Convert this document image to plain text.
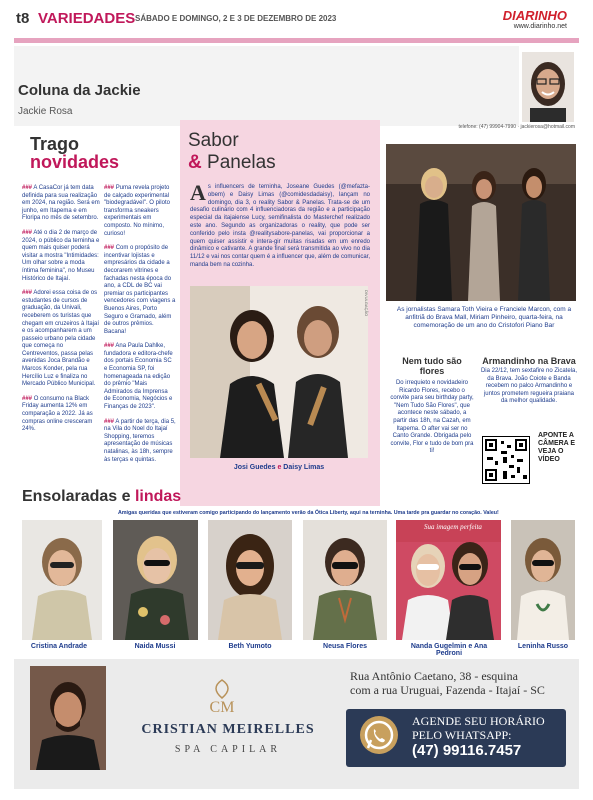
t8 VARIEDADES SÁBADO E DOMINGO, 2 E 3 DE DEZEMBRO DE 2023	DIARINHO
www.diarinho.net
Coluna da Jackie
Jackie Rosa
telefone: (47) 99904-7990 · jackierosa@hotmail.com
Trago
novidades

### A CasaCor já tem data definida para sua realização em 2024, na região. Será em junho, em Itapema e em Floripa no mês de setembro.

### Até o dia 2 de março de 2024, o público da terninha e quem mais quiser poderá visitar a mostra "Intimidades: Um olhar sobre a moda íntima feminina", no Museu Histórico de Itajaí.

### Adorei essa coisa de os estudantes de cursos de graduação, da Univali, receberem os turistas que chegam em cruzeiros à Itajaí e os acompanharem a um passeio urbano pela cidade que começa no Centreventos, passa pelas avenidas Joca Brandão e Marcos Konder, pela rua Hercílio Luz e finaliza no Mercado Público Municipal.

### O consumo na Black Friday aumenta 12% em comparação a 2022. Já as compras online cresceram 24%.

### Puma revela projeto de calçado experimental "biodegradável". O piloto transforma sneakers experimentais em composto. No mínimo, curioso!

### Com o propósito de incentivar lojistas e empresários da cidade a decorarem vitrines e fachadas nesta época do ano, a CDL de BC vai premiar os participantes vencedores com viagens a Buenos Aires, Porto Seguro e Gramado, além de outros prêmios. Bacana!

### Ana Paula Dahlke, fundadora e editora-chefe dos portais Economia SC e Economia SP, foi homenageada na edição do prêmio "Mais Admirados da Imprensa de Economia, Negócios e Finanças de 2023".

### A partir de terça, dia 5, na Vila do Noel do Itajaí Shopping, teremos apresentação de músicas natalinas, às 18h, sempre às terças e quintas.

Sabor
& Panelas
As influencers de terninha, Joseane Guedes (@mefazta-obem) e Daisy Limas (@comidesdadaisy), lançam no domingo, dia 3, o reality Sabor & Panelas. Trata-se de um desafio culinário com 4 influenciadoras da região e a participação especial da itajaiense Lucy, semifinalista do Masterchef realizado este ano. Segundo as organizadoras o reality, que pode ser conferido pelo insta @realitysabore-panelas, vai proporcionar a quem quiser assistir e intera-gir muitas risadas em um enredo dinâmico e cativante. A grande final será transmitida ao vivo no dia 11/12 e vai nos contar quem é a influencer que, além de comunicar, manda bem na cozinha.
DIVULGAÇÃO
Josi Guedes e Daisy Limas
As jornalistas Samara Toth Vieira e Franciele Marcon, com a anfitriã do Brava Mall, Miriam Pinheiro, quarta-feira, na comemoração de um ano do Cristofori Piano Bar
Nem tudo são flores
Do irrequieto e novidadeiro Ricardo Flores, recebo o convite para seu birthday party, "Nem Tudo São Flores", que acontece neste sábado, a partir das 18h, na Cazah, em Itapema. O after vai ser no Canto Grande. Obrigada pelo convite, Flor e tudo de bom pra ti!
Armandinho na Brava
Dia 22/12, tem sextafire no Zicatela, da Brava. João Coiote e Banda recebem no palco Armandinho e juntos prometem regueira praiana da melhor qualidade.
APONTE A CÂMERA E VEJA O VÍDEO
Ensolaradas e lindas
Amigas queridas que estiveram comigo participando do lançamento verão da Ótica Liberty, aqui na terninha. Uma tarde pra guardar no coração. Valeu!
Sua imagem perfeita
Cristina Andrade	Naida Mussi	Beth Yumoto	Neusa Flores	Nanda Gugelmin e Ana Pedroni
Leninha Russo
CM
CRISTIAN MEIRELLES
SPA CAPILAR
Rua Antônio Caetano, 38 - esquina
com a rua Uruguai, Fazenda - Itajaí - SC
AGENDE SEU HORÁRIO
PELO WHATSAPP:
(47) 99116.7457
